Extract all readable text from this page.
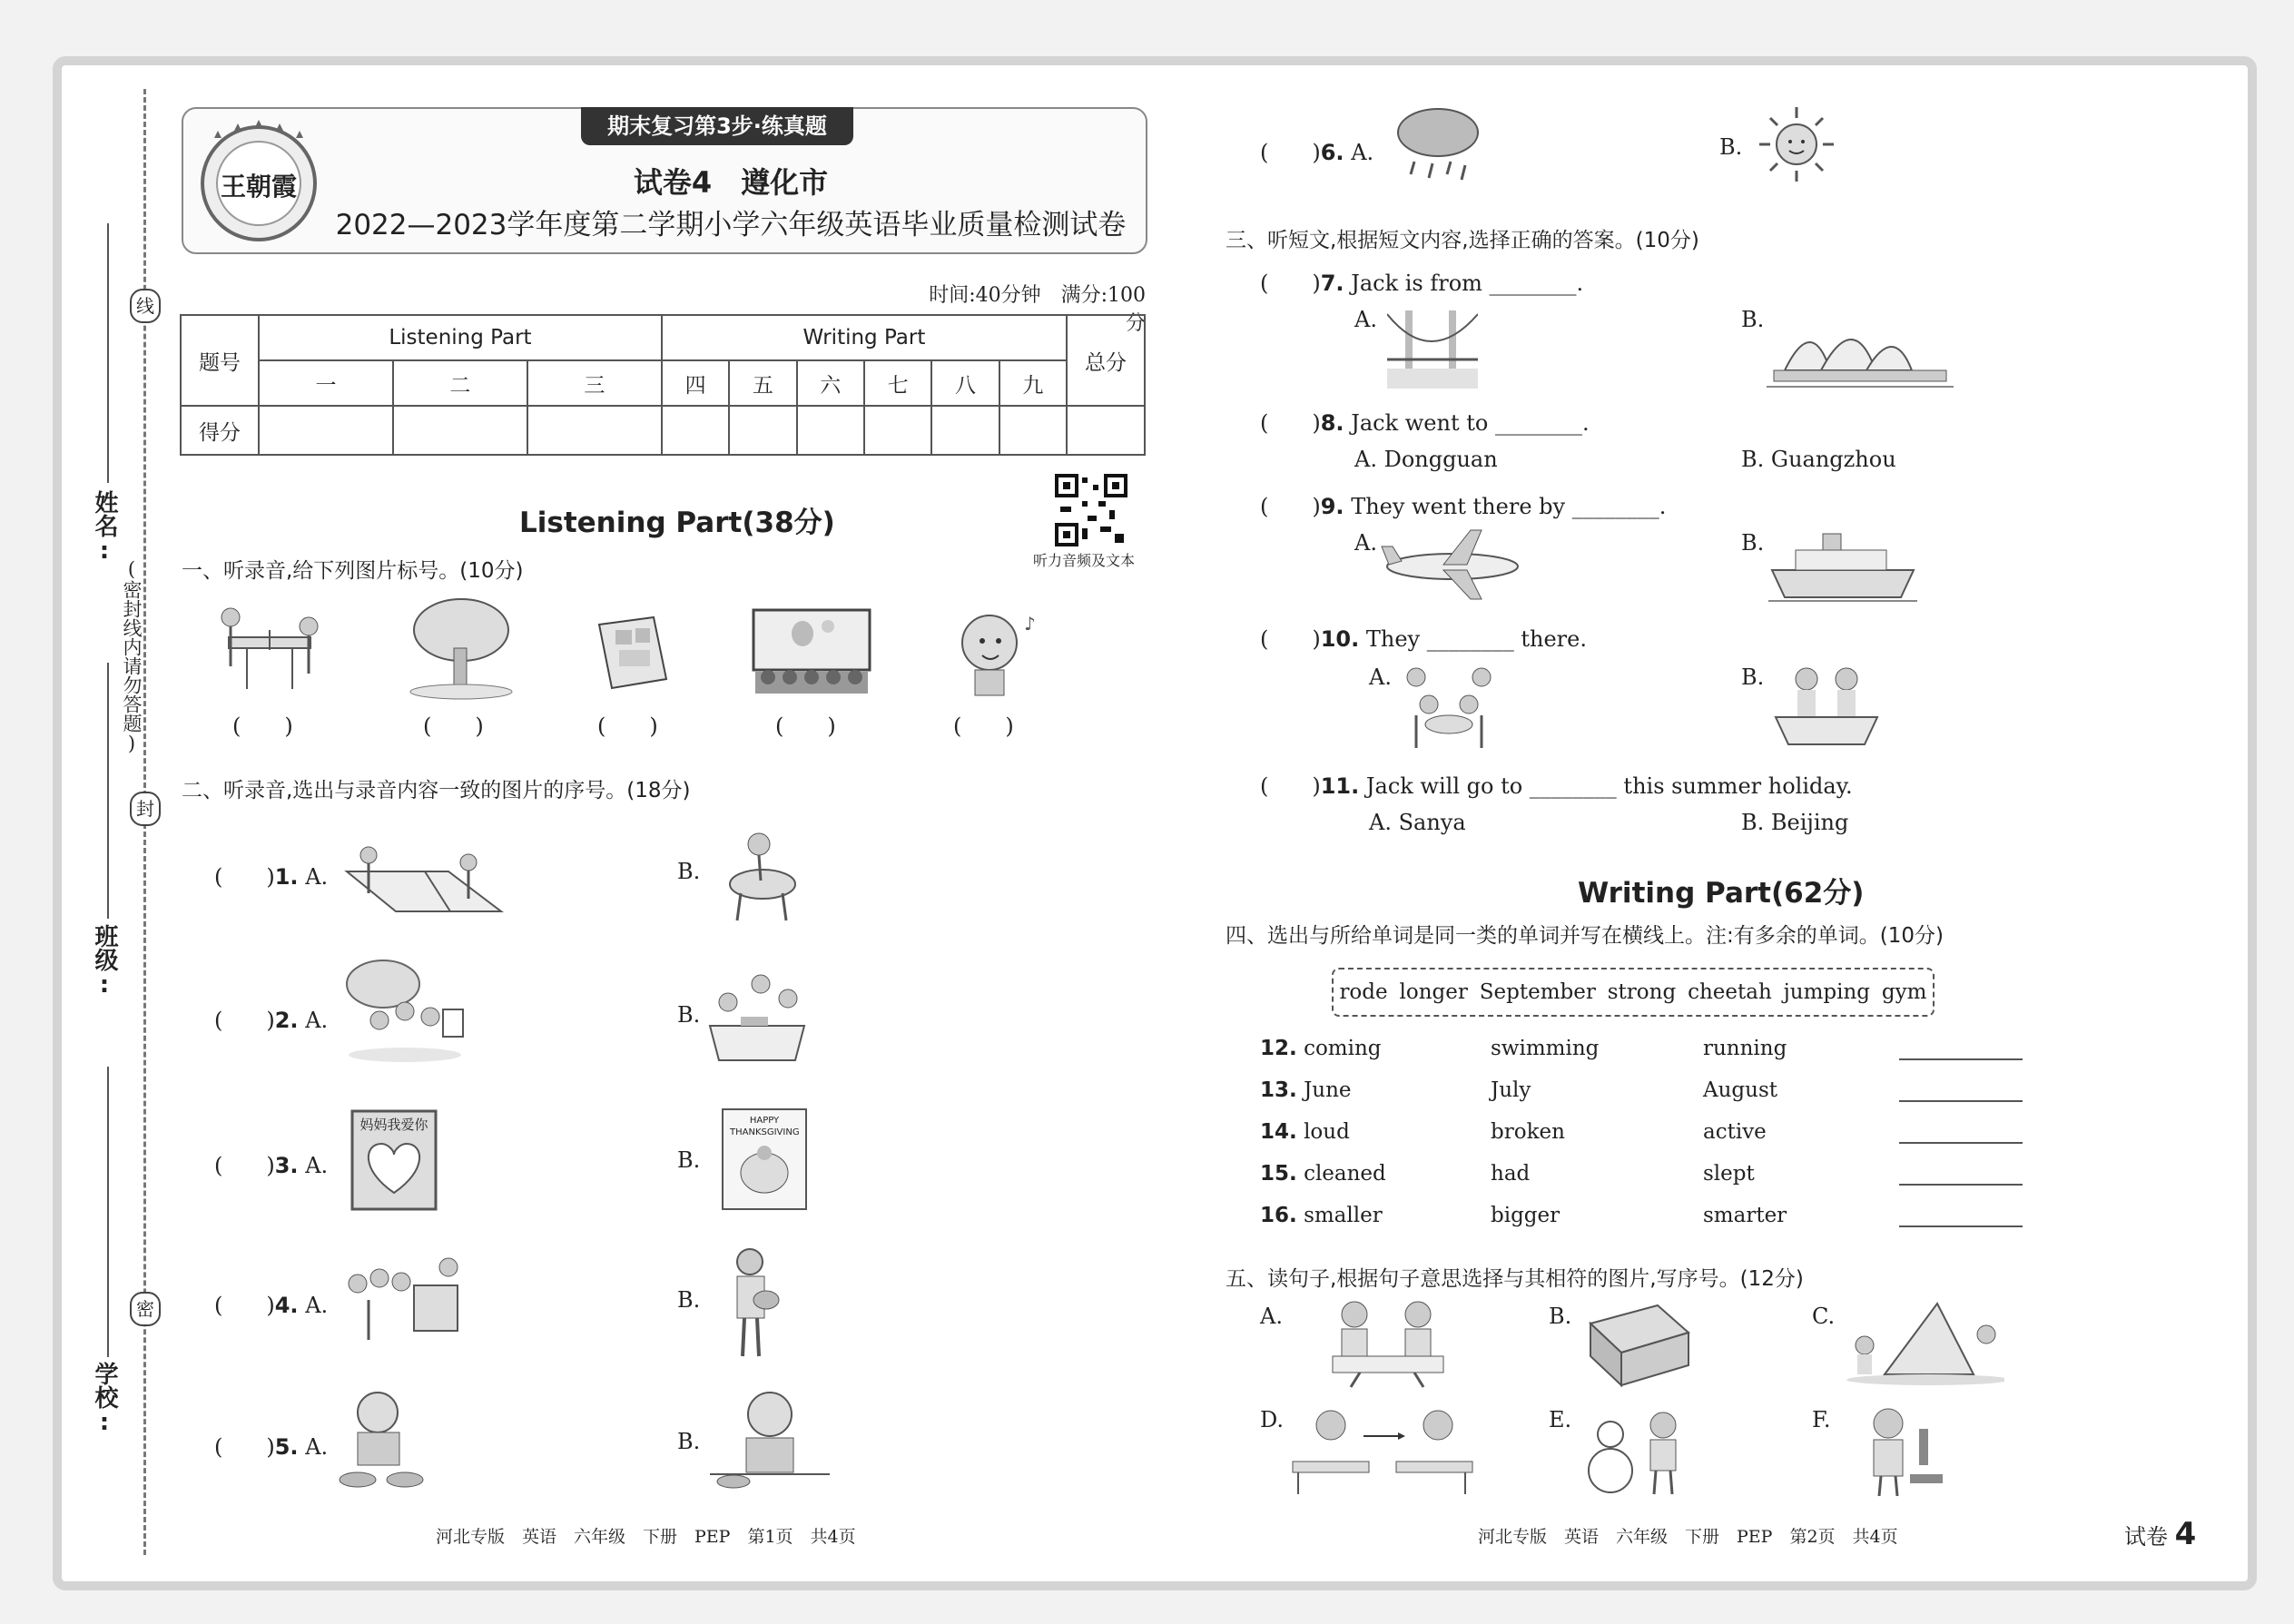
线
封
密
(密封线内请勿答题)
姓名:
班级:
学校:
王朝霞
期末复习第3步·练真题
试卷4　遵化市
2022—2023学年度第二学期小学六年级英语毕业质量检测试卷
时间:40分钟　满分:100分
题号	Listening Part			Writing Part						总分
	一	二	三	四	五	六	七	八	九	
得分										
Listening Part(38分)
听力音频及文本
一、听录音,给下列图片标号。(10分)
♪
(　　)	(　　)	(　　)	(　　)	(　　)
二、听录音,选出与录音内容一致的图片的序号。(18分)
(　　)1. A.	B.
(　　)2. A.	B.
(　　)3. A.
妈妈我爱你
B.
HAPPY THANKSGIVING
(　　)4. A.	B.
(　　)5. A.	B.
河北专版　英语　六年级　下册　PEP　第1页　共4页
(　　)6. A.	B.
三、听短文,根据短文内容,选择正确的答案。(10分)
(　　)7. Jack is from ________.
A.	B.
(　　)8. Jack went to ________.
A. Dongguan	B. Guangzhou
(　　)9. They went there by ________.
A.	B.
(　　)10. They ________ there.
A.	B.
(　　)11. Jack will go to ________ this summer holiday.
A. Sanya	B. Beijing
Writing Part(62分)
四、选出与所给单词是同一类的单词并写在横线上。注:有多余的单词。(10分)
rode longer September strong cheetah jumping gym
12. coming	swimming	running
13. June	July	August
14. loud	broken	active
15. cleaned	had	slept
16. smaller	bigger	smarter
五、读句子,根据句子意思选择与其相符的图片,写序号。(12分)
A.	B.	C.
D.	E.	F.
河北专版　英语　六年级　下册　PEP　第2页　共4页	试卷 4
